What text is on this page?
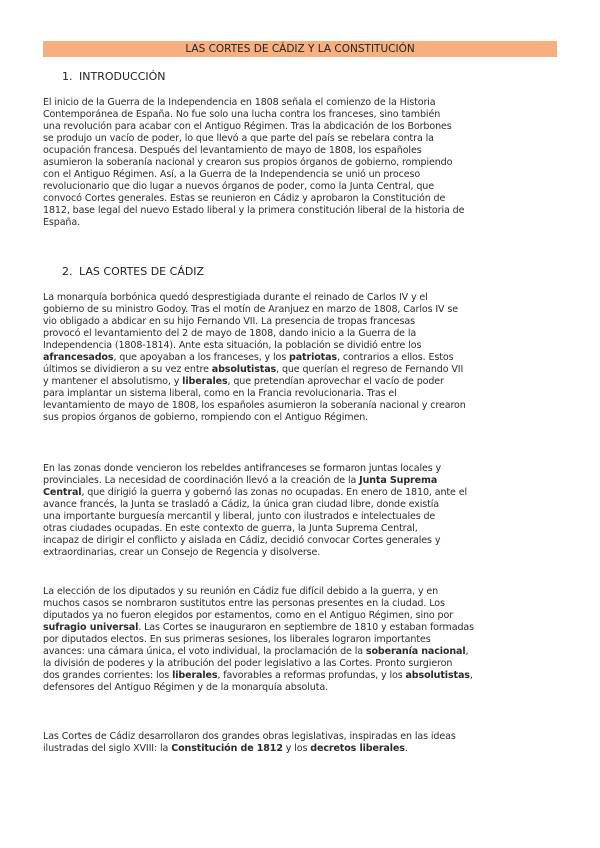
LAS CORTES DE CÁDIZ Y LA CONSTITUCIÓN
1. INTRODUCCIÓN
El inicio de la Guerra de la Independencia en 1808 señala el comienzo de la Historia
Contemporánea de España. No fue solo una lucha contra los franceses, sino también
una revolución para acabar con el Antiguo Régimen. Tras la abdicación de los Borbones
se produjo un vacío de poder, lo que llevó a que parte del país se rebelara contra la
ocupación francesa. Después del levantamiento de mayo de 1808, los españoles
asumieron la soberanía nacional y crearon sus propios órganos de gobierno, rompiendo
con el Antiguo Régimen. Así, a la Guerra de la Independencia se unió un proceso
revolucionario que dio lugar a nuevos órganos de poder, como la Junta Central, que
convocó Cortes generales. Estas se reunieron en Cádiz y aprobaron la Constitución de
1812, base legal del nuevo Estado liberal y la primera constitución liberal de la historia de
España.
2. LAS CORTES DE CÁDIZ
La monarquía borbónica quedó desprestigiada durante el reinado de Carlos IV y el
gobierno de su ministro Godoy. Tras el motín de Aranjuez en marzo de 1808, Carlos IV se
vio obligado a abdicar en su hijo Fernando VII. La presencia de tropas francesas
provocó el levantamiento del 2 de mayo de 1808, dando inicio a la Guerra de la
Independencia (1808-1814). Ante esta situación, la población se dividió entre los
afrancesados, que apoyaban a los franceses, y los patriotas, contrarios a ellos. Estos
últimos se dividieron a su vez entre absolutistas, que querían el regreso de Fernando VII
y mantener el absolutismo, y liberales, que pretendían aprovechar el vacío de poder
para implantar un sistema liberal, como en la Francia revolucionaria. Tras el
levantamiento de mayo de 1808, los españoles asumieron la soberanía nacional y crearon
sus propios órganos de gobierno, rompiendo con el Antiguo Régimen.
En las zonas donde vencieron los rebeldes antifranceses se formaron juntas locales y
provinciales. La necesidad de coordinación llevó a la creación de la Junta Suprema
Central, que dirigió la guerra y gobernó las zonas no ocupadas. En enero de 1810, ante el
avance francés, la Junta se trasladó a Cádiz, la única gran ciudad libre, donde existía
una importante burguesía mercantil y liberal, junto con ilustrados e intelectuales de
otras ciudades ocupadas. En este contexto de guerra, la Junta Suprema Central,
incapaz de dirigir el conflicto y aislada en Cádiz, decidió convocar Cortes generales y
extraordinarias, crear un Consejo de Regencia y disolverse.
La elección de los diputados y su reunión en Cádiz fue difícil debido a la guerra, y en
muchos casos se nombraron sustitutos entre las personas presentes en la ciudad. Los
diputados ya no fueron elegidos por estamentos, como en el Antiguo Régimen, sino por
sufragio universal. Las Cortes se inauguraron en septiembre de 1810 y estaban formadas
por diputados electos. En sus primeras sesiones, los liberales lograron importantes
avances: una cámara única, el voto individual, la proclamación de la soberanía nacional,
la división de poderes y la atribución del poder legislativo a las Cortes. Pronto surgieron
dos grandes corrientes: los liberales, favorables a reformas profundas, y los absolutistas,
defensores del Antiguo Régimen y de la monarquía absoluta.
Las Cortes de Cádiz desarrollaron dos grandes obras legislativas, inspiradas en las ideas
ilustradas del siglo XVIII: la Constitución de 1812 y los decretos liberales.
